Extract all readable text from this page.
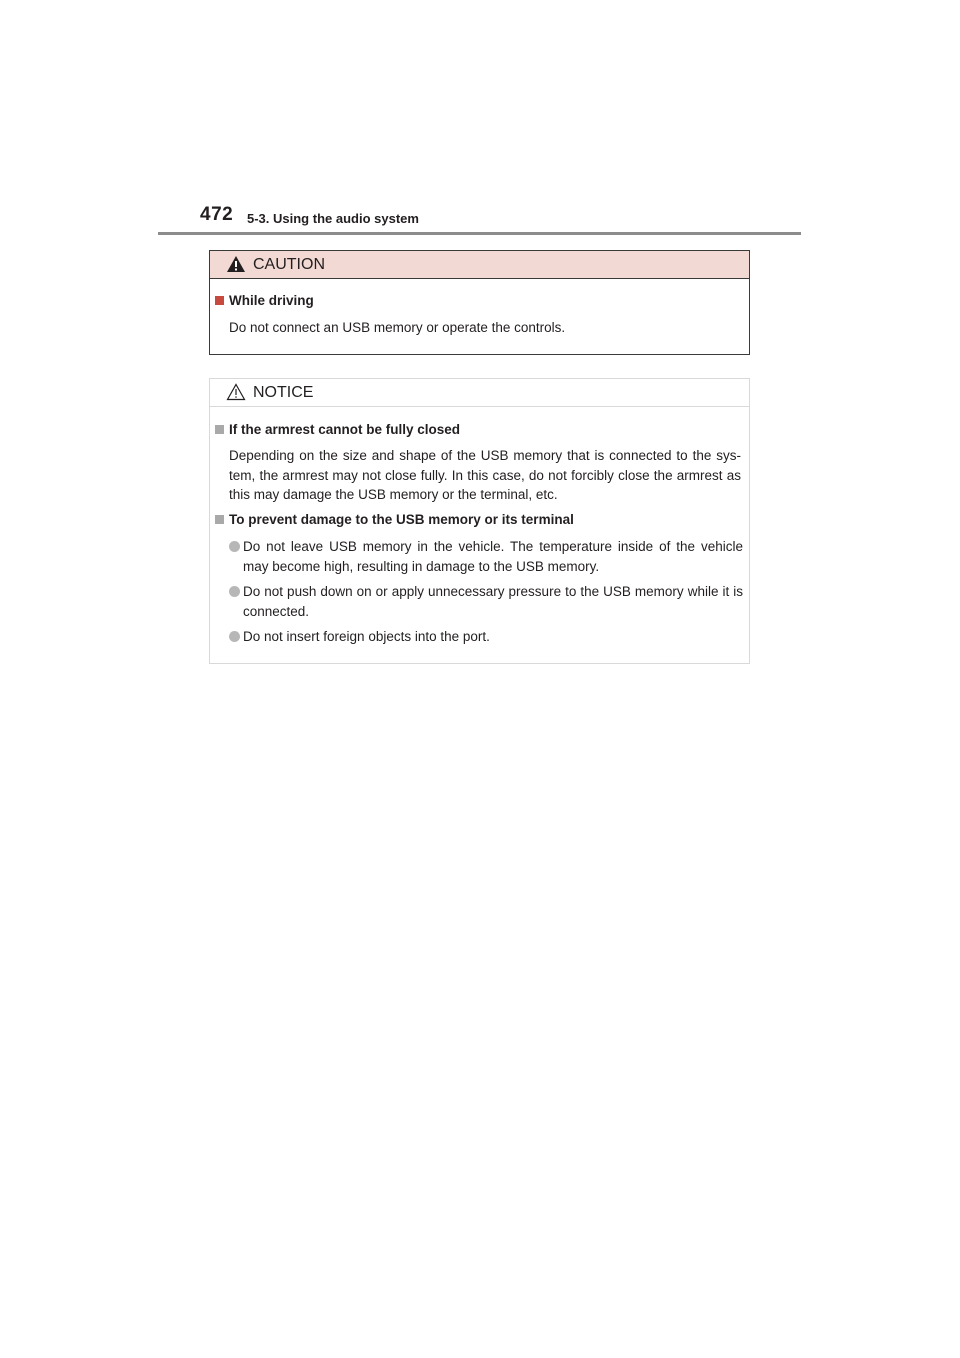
472 5-3. Using the audio system
CAUTION
While driving
Do not connect an USB memory or operate the controls.
NOTICE
If the armrest cannot be fully closed
Depending on the size and shape of the USB memory that is connected to the sys-tem, the armrest may not close fully. In this case, do not forcibly close the armrest as this may damage the USB memory or the terminal, etc.
To prevent damage to the USB memory or its terminal
Do not leave USB memory in the vehicle. The temperature inside of the vehicle may become high, resulting in damage to the USB memory.
Do not push down on or apply unnecessary pressure to the USB memory while it is connected.
Do not insert foreign objects into the port.
